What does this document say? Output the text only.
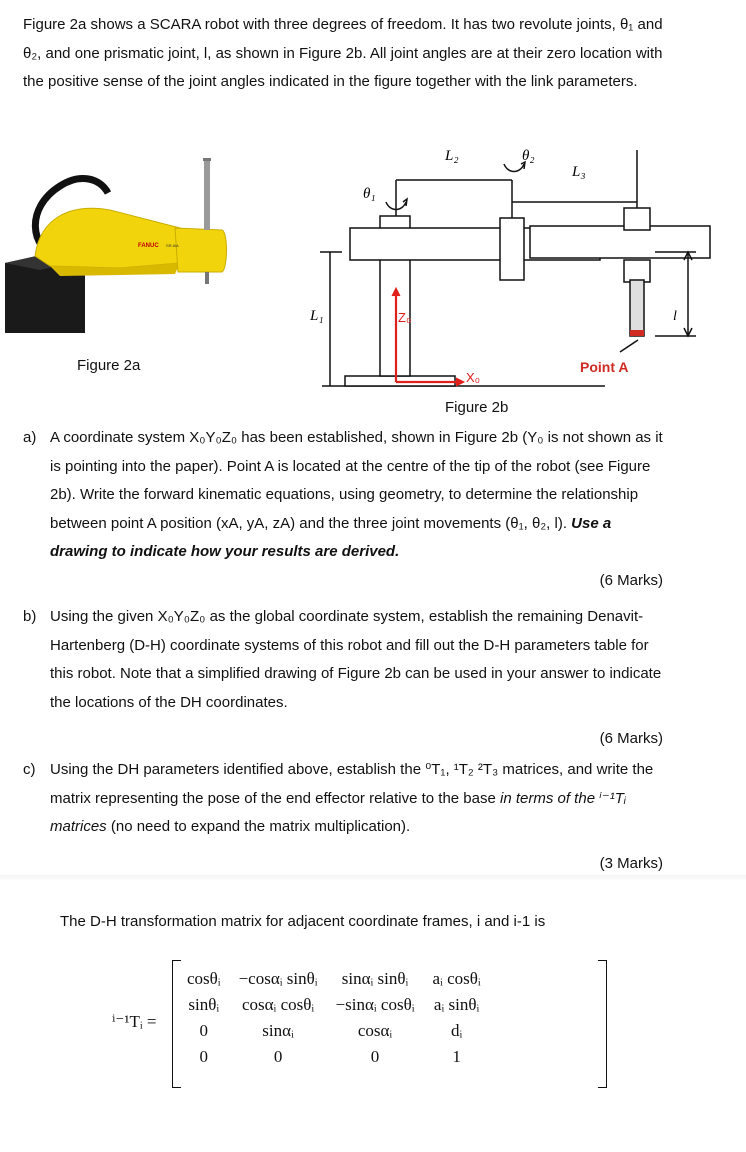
Figure 2a shows a SCARA robot with three degrees of freedom. It has two revolute joints, θ₁ and θ₂, and one prismatic joint, l, as shown in Figure 2b. All joint angles are at their zero location with the positive sense of the joint angles indicated in the figure together with the link parameters.
FANUC SR-6iA
Figure 2a
L₁
L₂
L₃
θ₁
θ₂
l
Z₀
X₀
Point A
Figure 2b
a) A coordinate system X₀Y₀Z₀ has been established, shown in Figure 2b (Y₀ is not shown as it is pointing into the paper). Point A is located at the centre of the tip of the robot (see Figure 2b). Write the forward kinematic equations, using geometry, to determine the relationship between point A position (xA, yA, zA) and the three joint movements (θ₁, θ₂, l). Use a drawing to indicate how your results are derived.
(6 Marks)
b) Using the given X₀Y₀Z₀ as the global coordinate system, establish the remaining Denavit-Hartenberg (D-H) coordinate systems of this robot and fill out the D-H parameters table for this robot. Note that a simplified drawing of Figure 2b can be used in your answer to indicate the locations of the DH coordinates.
(6 Marks)
c) Using the DH parameters identified above, establish the ⁰T₁, ¹T₂ ²T₃ matrices, and write the matrix representing the pose of the end effector relative to the base in terms of the ⁱ⁻¹Tᵢ matrices (no need to expand the matrix multiplication).
(3 Marks)
The D-H transformation matrix for adjacent coordinate frames, i and i-1 is
ⁱ⁻¹Tᵢ =
cosθᵢ	−cosαᵢ sinθᵢ	sinαᵢ sinθᵢ	aᵢ cosθᵢ
sinθᵢ	cosαᵢ cosθᵢ	−sinαᵢ cosθᵢ	aᵢ sinθᵢ
0	sinαᵢ	cosαᵢ	dᵢ
0	0	0	1
